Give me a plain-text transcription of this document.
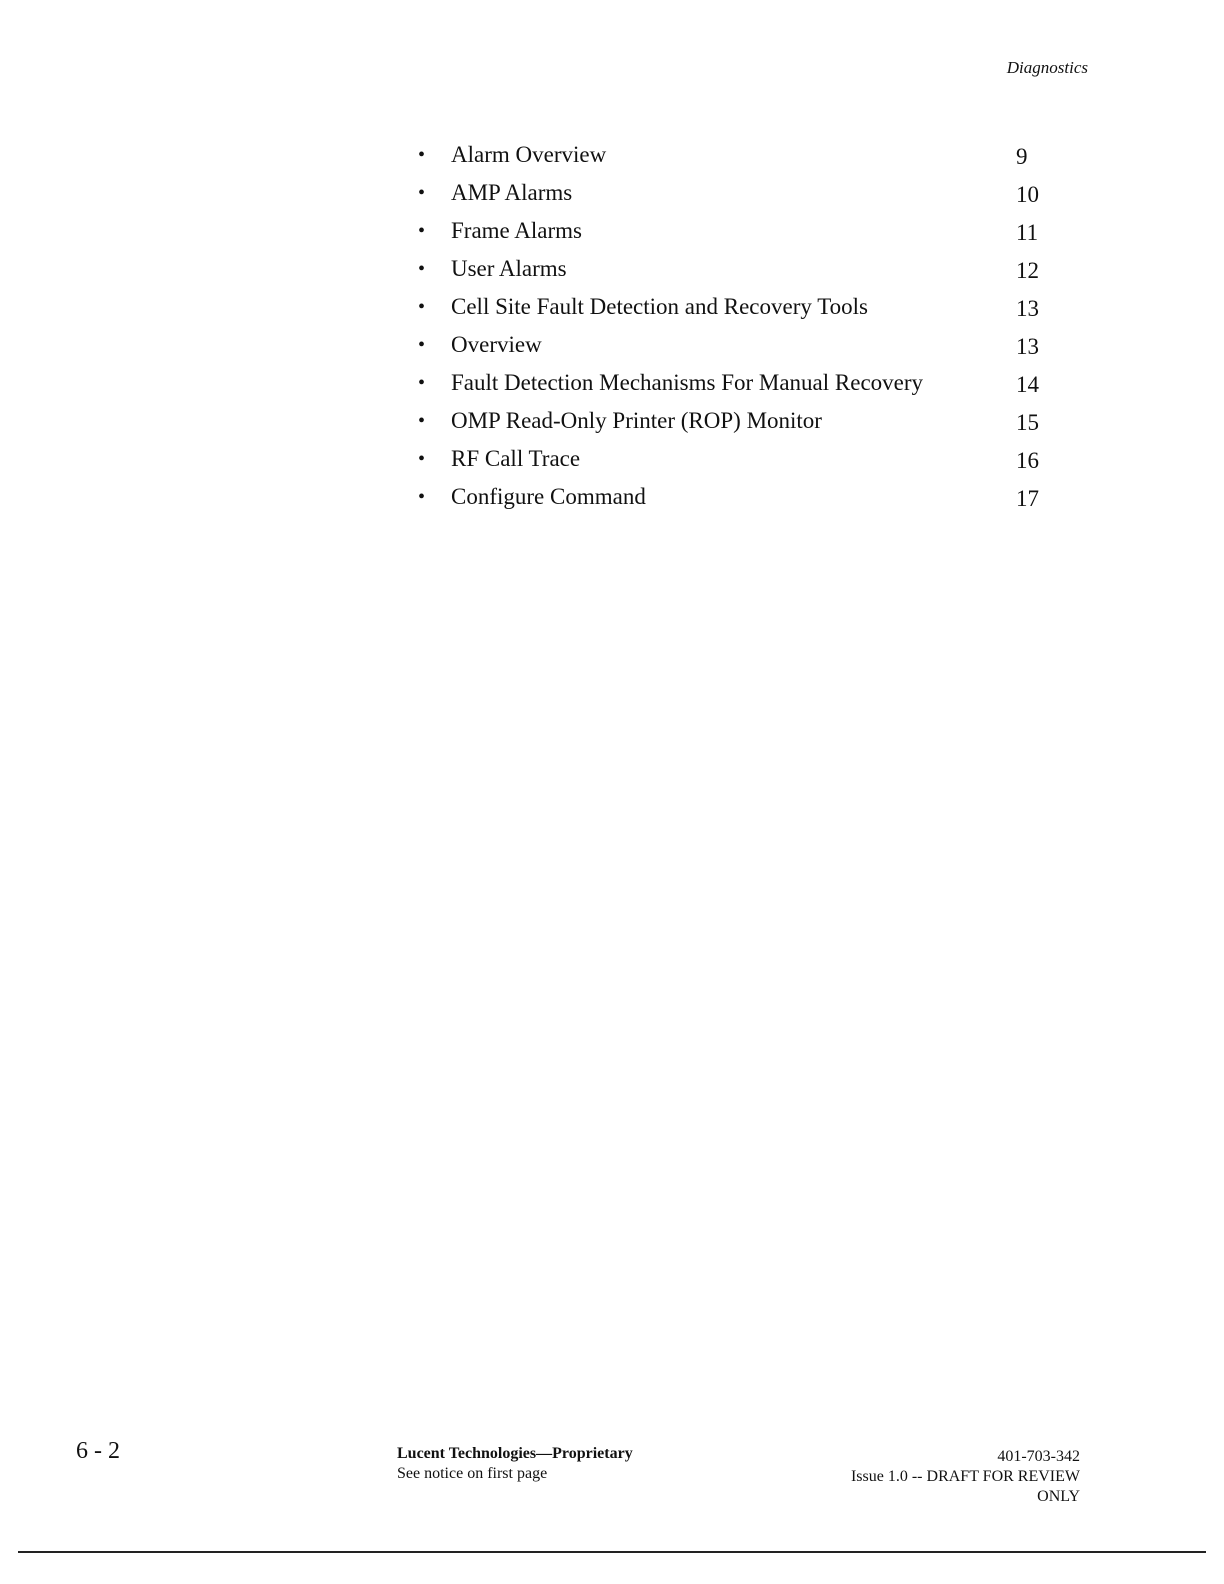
Diagnostics
• Alarm Overview	9
• AMP Alarms	10
• Frame Alarms	11
• User Alarms	12
• Cell Site Fault Detection and Recovery Tools	13
• Overview	13
• Fault Detection Mechanisms For Manual Recovery	14
• OMP Read-Only Printer (ROP) Monitor	15
• RF Call Trace	16
• Configure Command	17
6 - 2	Lucent Technologies—Proprietary
See notice on first page
401-703-342
Issue 1.0 -- DRAFT FOR REVIEW
ONLY
